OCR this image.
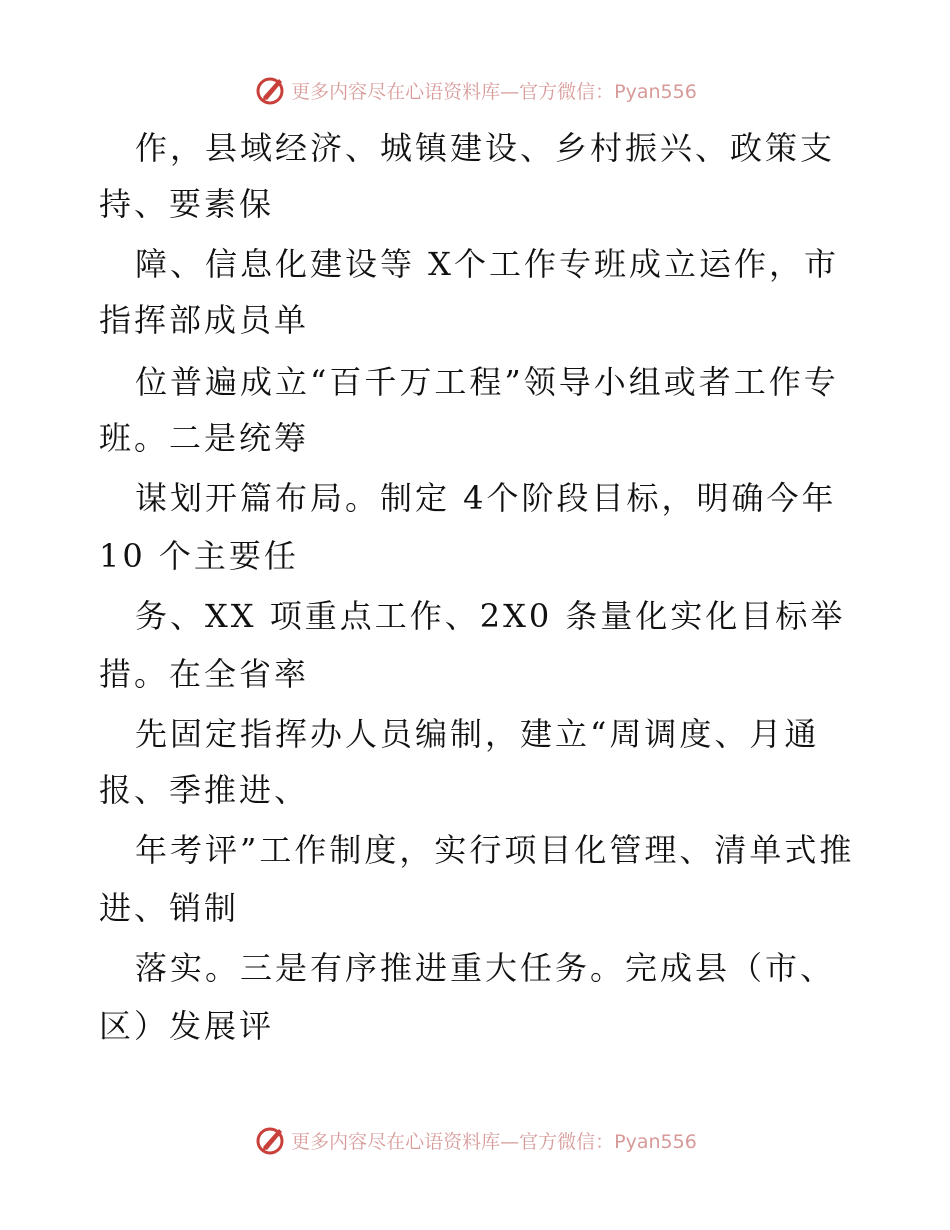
更多内容尽在心语资料库—官方微信：Pyan556
作，县域经济、城镇建设、乡村振兴、政策支
持、要素保
障、信息化建设等 X个工作专班成立运作，市
指挥部成员单
位普遍成立“百千万工程”领导小组或者工作专
班。二是统筹
谋划开篇布局。制定 4个阶段目标，明确今年
10 个主要任
务、XX 项重点工作、2X0 条量化实化目标举
措。在全省率
先固定指挥办人员编制，建立“周调度、月通
报、季推进、
年考评”工作制度，实行项目化管理、清单式推
进、销制
落实。三是有序推进重大任务。完成县（市、
区）发展评
更多内容尽在心语资料库—官方微信：Pyan556
